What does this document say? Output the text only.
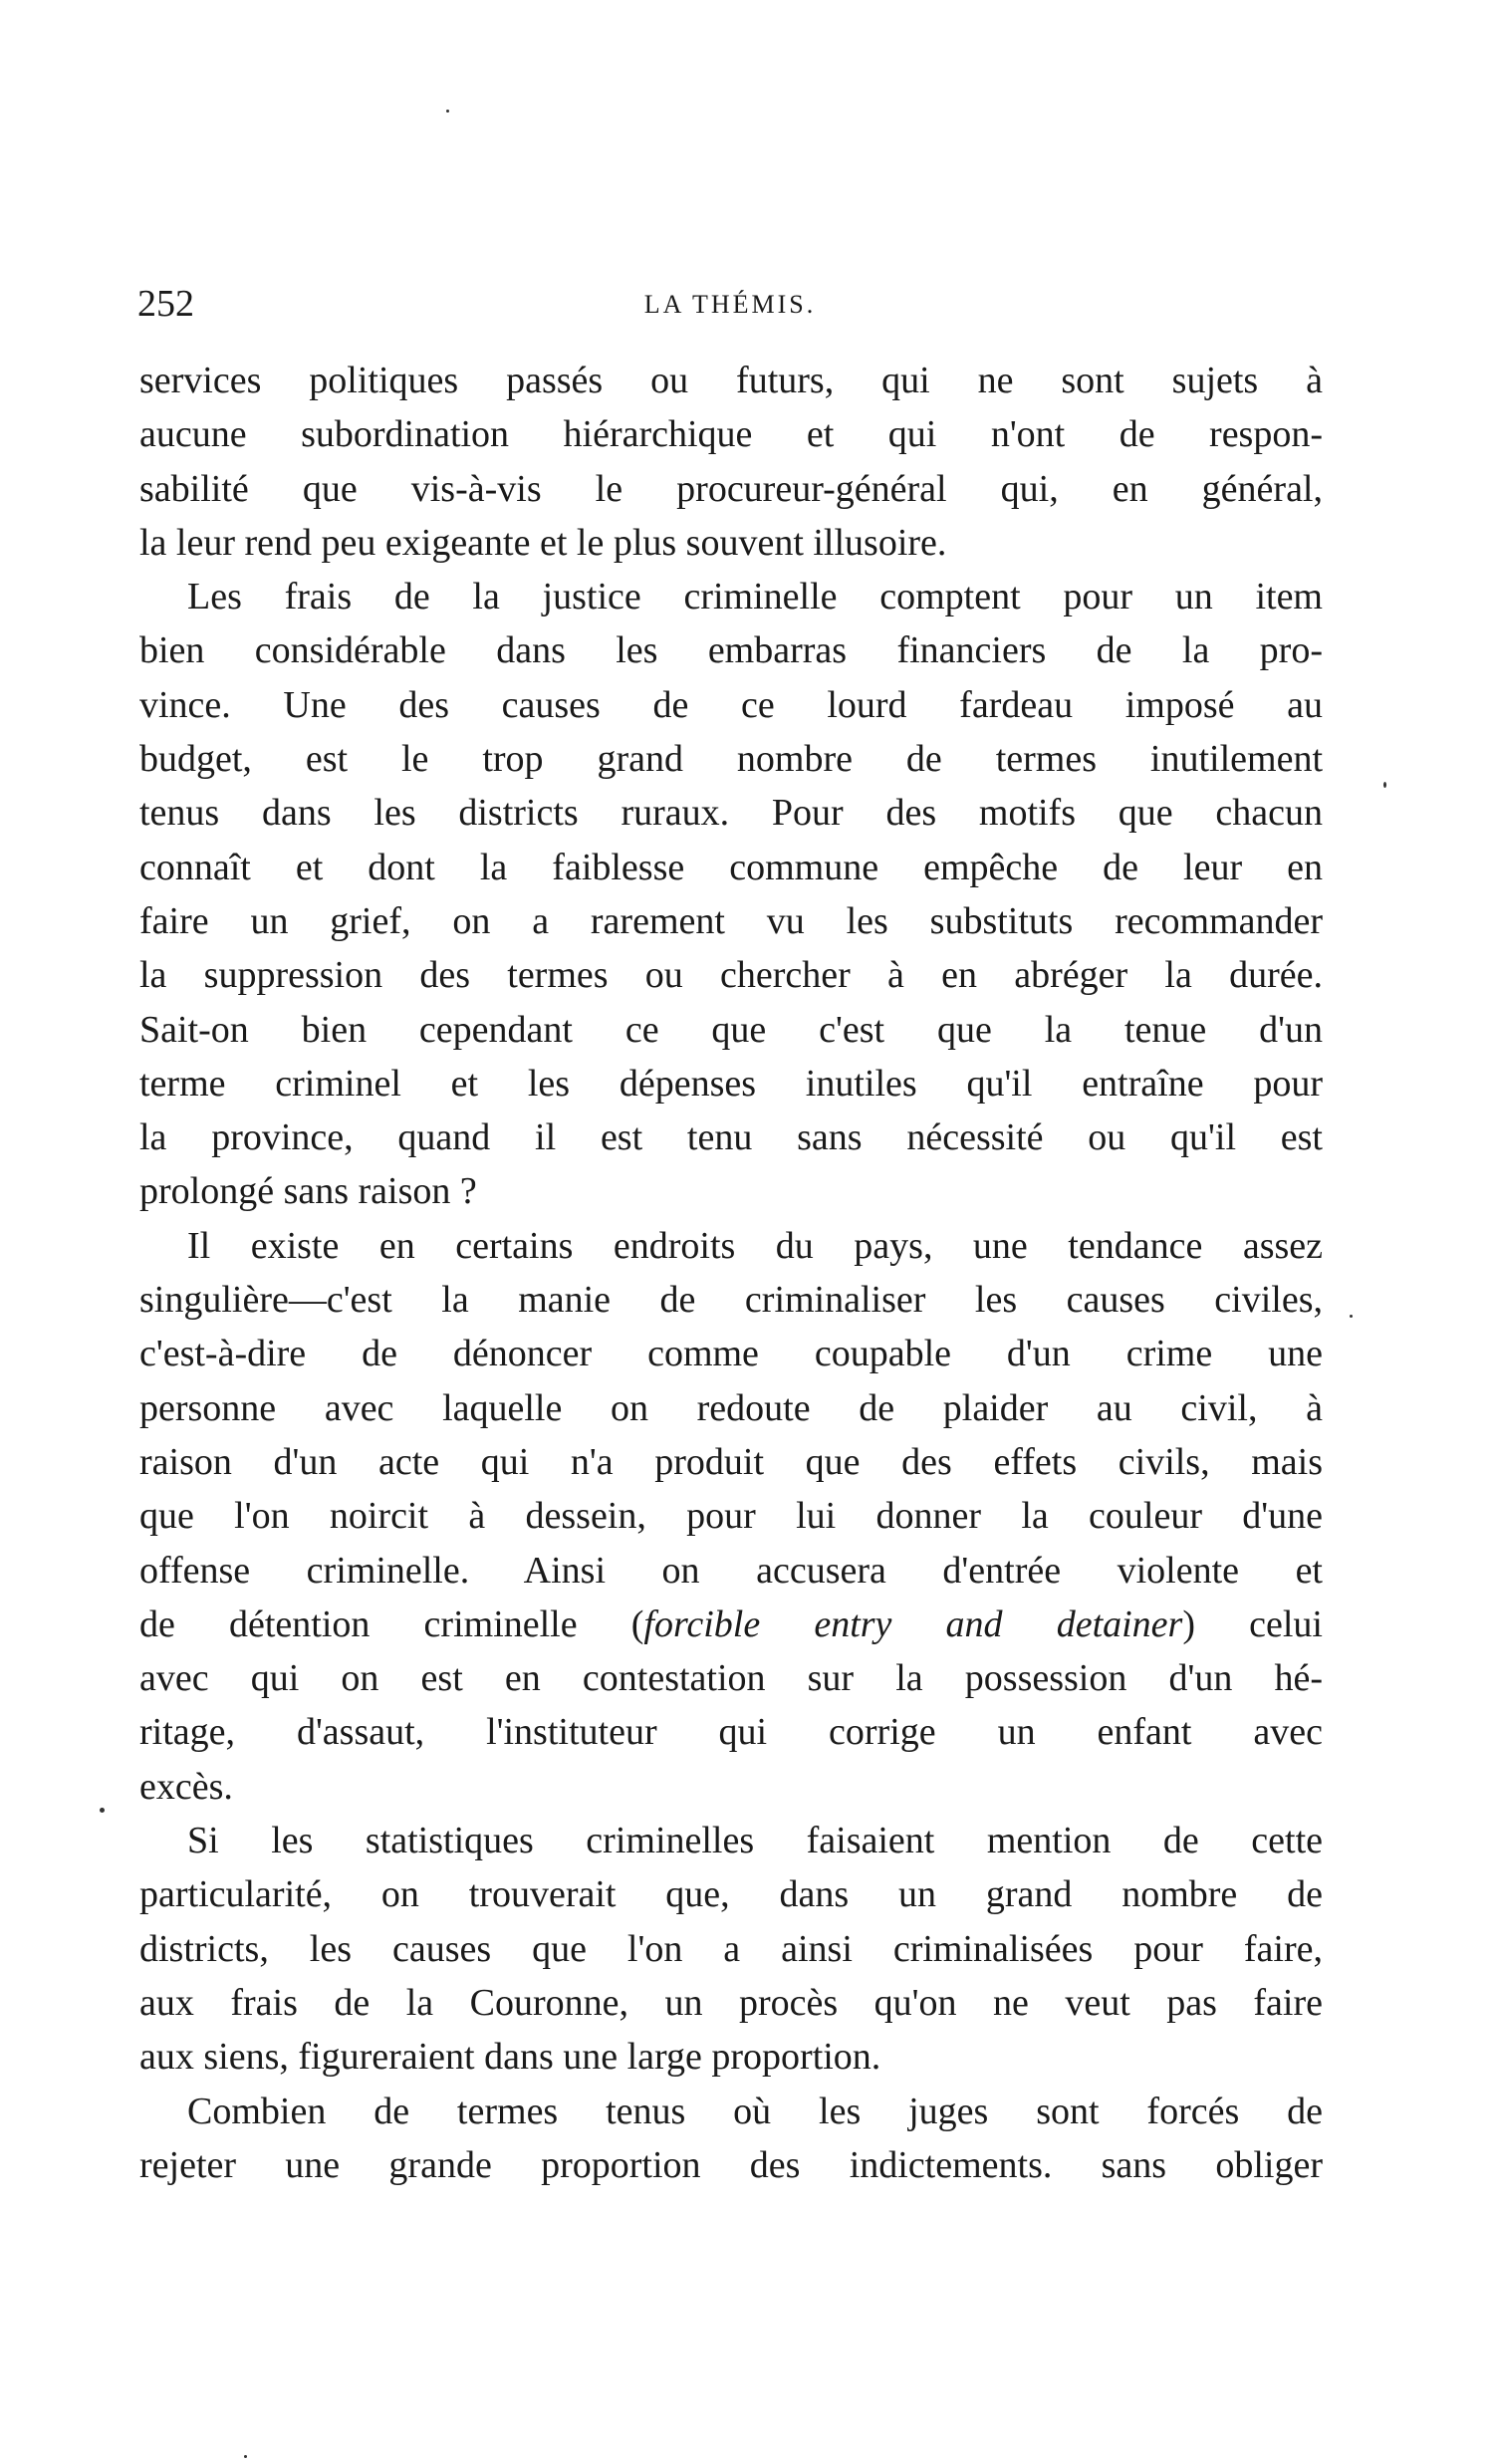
252	LA THÉMIS.

services politiques passés ou futurs, qui ne sont sujets à
aucune subordination hiérarchique et qui n'ont de respon-
sabilité que vis-à-vis le procureur-général qui, en général,
la leur rend peu exigeante et le plus souvent illusoire.

Les frais de la justice criminelle comptent pour un item
bien considérable dans les embarras financiers de la pro-
vince. Une des causes de ce lourd fardeau imposé au
budget, est le trop grand nombre de termes inutilement
tenus dans les districts ruraux. Pour des motifs que chacun
connaît et dont la faiblesse commune empêche de leur en
faire un grief, on a rarement vu les substituts recommander
la suppression des termes ou chercher à en abréger la durée.
Sait-on bien cependant ce que c'est que la tenue d'un
terme criminel et les dépenses inutiles qu'il entraîne pour
la province, quand il est tenu sans nécessité ou qu'il est
prolongé sans raison ?

Il existe en certains endroits du pays, une tendance assez
singulière—c'est la manie de criminaliser les causes civiles,
c'est-à-dire de dénoncer comme coupable d'un crime une
personne avec laquelle on redoute de plaider au civil, à
raison d'un acte qui n'a produit que des effets civils, mais
que l'on noircit à dessein, pour lui donner la couleur d'une
offense criminelle. Ainsi on accusera d'entrée violente et
de détention criminelle (forcible entry and detainer) celui
avec qui on est en contestation sur la possession d'un hé-
ritage, d'assaut, l'instituteur qui corrige un enfant avec
excès.

Si les statistiques criminelles faisaient mention de cette
particularité, on trouverait que, dans un grand nombre de
districts, les causes que l'on a ainsi criminalisées pour faire,
aux frais de la Couronne, un procès qu'on ne veut pas faire
aux siens, figureraient dans une large proportion.

Combien de termes tenus où les juges sont forcés de
rejeter une grande proportion des indictements. sans obliger
